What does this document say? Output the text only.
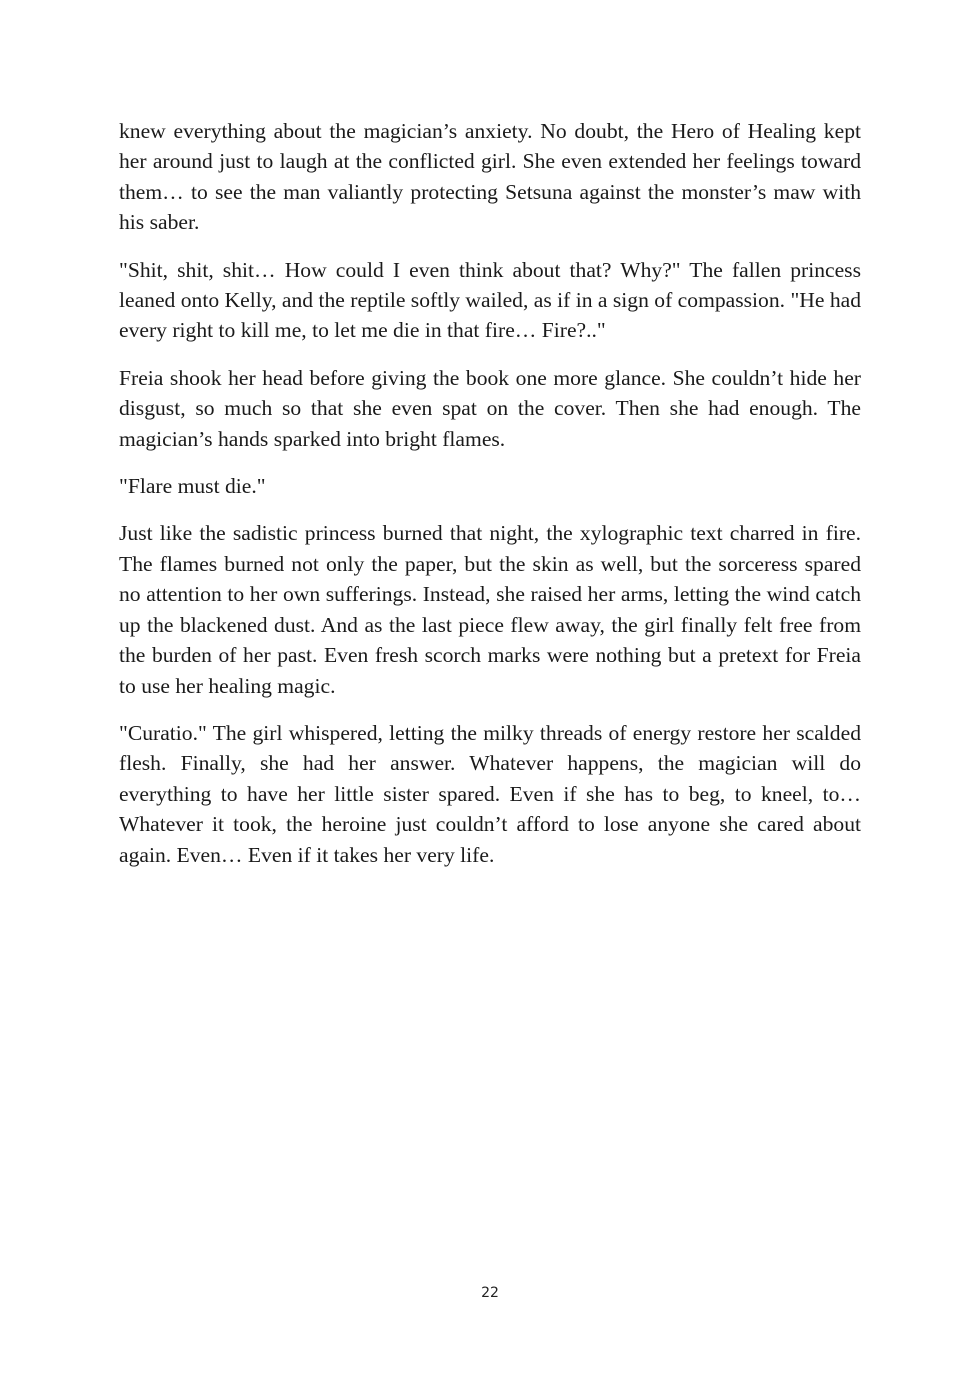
knew everything about the magician’s anxiety. No doubt, the Hero of Healing kept her around just to laugh at the conflicted girl. She even extended her feelings toward them… to see the man valiantly protecting Setsuna against the monster’s maw with his saber.

"Shit, shit, shit… How could I even think about that? Why?" The fallen princess leaned onto Kelly, and the reptile softly wailed, as if in a sign of compassion. "He had every right to kill me, to let me die in that fire… Fire?.."

Freia shook her head before giving the book one more glance. She couldn’t hide her disgust, so much so that she even spat on the cover. Then she had enough. The magician’s hands sparked into bright flames.

"Flare must die."

Just like the sadistic princess burned that night, the xylographic text charred in fire. The flames burned not only the paper, but the skin as well, but the sorceress spared no attention to her own sufferings. Instead, she raised her arms, letting the wind catch up the blackened dust. And as the last piece flew away, the girl finally felt free from the burden of her past. Even fresh scorch marks were nothing but a pretext for Freia to use her healing magic.

"Curatio." The girl whispered, letting the milky threads of energy restore her scalded flesh. Finally, she had her answer. Whatever happens, the magician will do everything to have her little sister spared. Even if she has to beg, to kneel, to… Whatever it took, the heroine just couldn’t afford to lose anyone she cared about again. Even… Even if it takes her very life.

22
